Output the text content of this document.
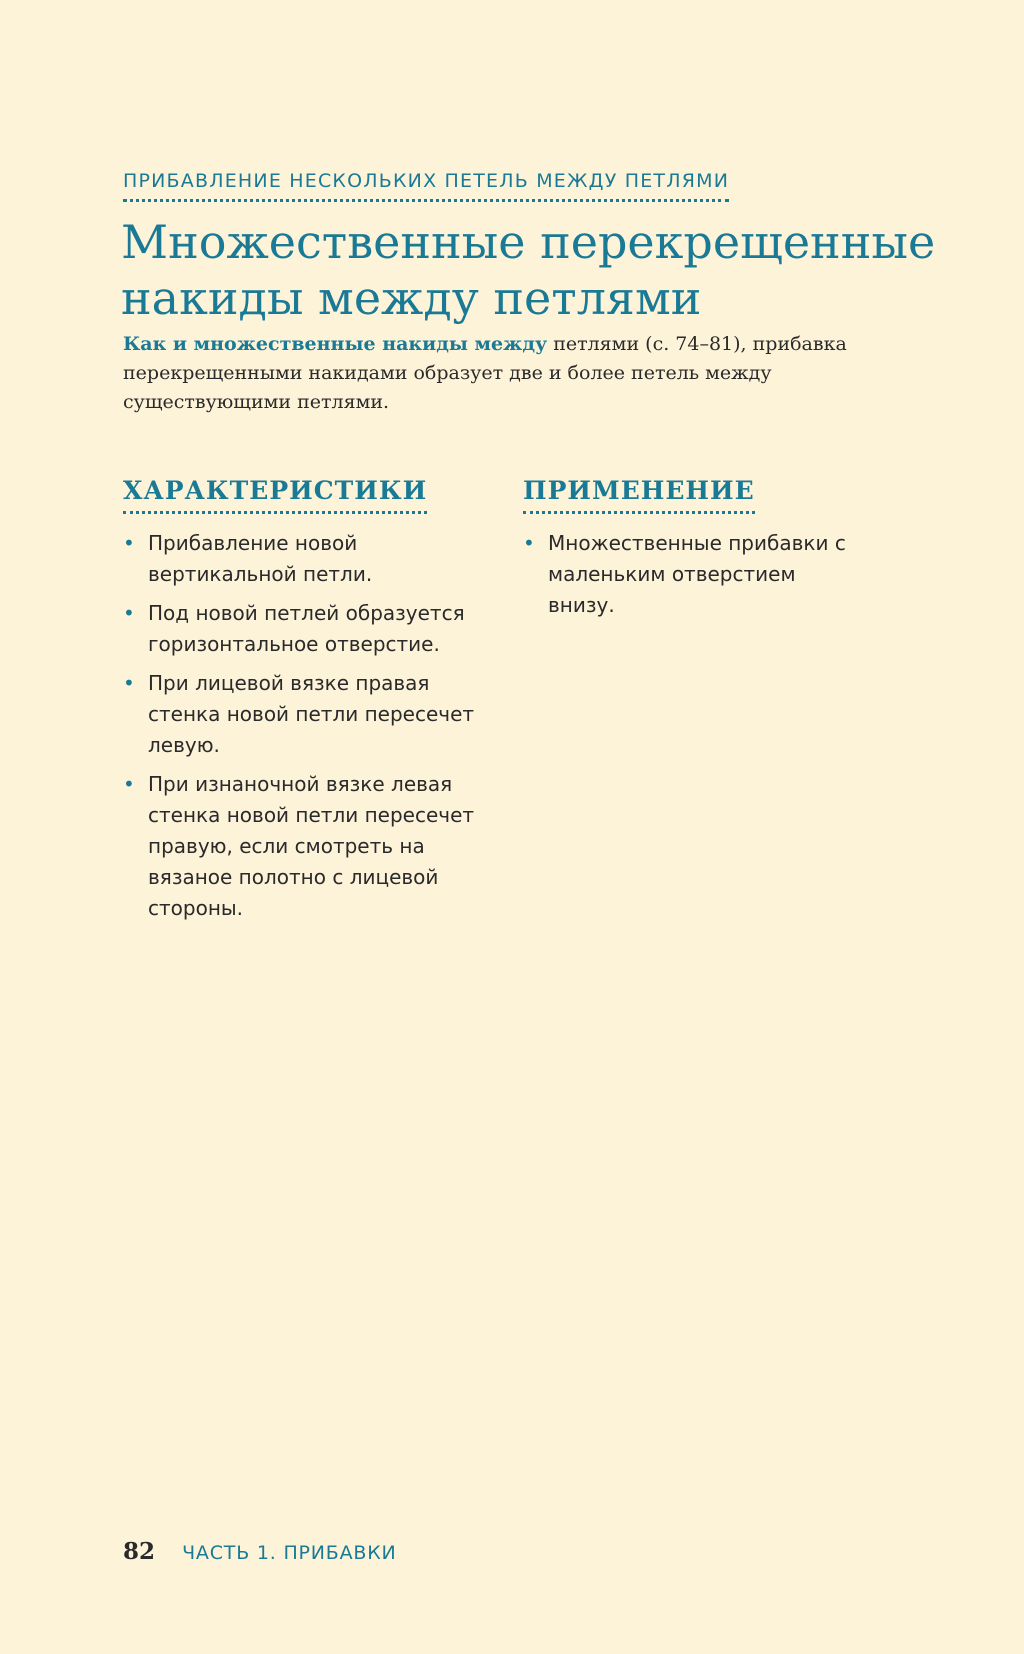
ПРИБАВЛЕНИЕ НЕСКОЛЬКИХ ПЕТЕЛЬ МЕЖДУ ПЕТЛЯМИ
Множественные перекрещенные
накиды между петлями

Как и множественные накиды между петлями (с. 74–81), прибавка перекрещенными накидами образует две и более петель между существующими петлями.

ХАРАКТЕРИСТИКИ
• Прибавление новой вертикальной петли.
• Под новой петлей образуется горизонтальное отверстие.
• При лицевой вязке правая стенка новой петли пересечет левую.
• При изнаночной вязке левая стенка новой петли пересечет правую, если смотреть на вязаное полотно с лицевой стороны.
ПРИМЕНЕНИЕ
• Множественные прибавки с маленьким отверстием внизу.
82 ЧАСТЬ 1. ПРИБАВКИ
